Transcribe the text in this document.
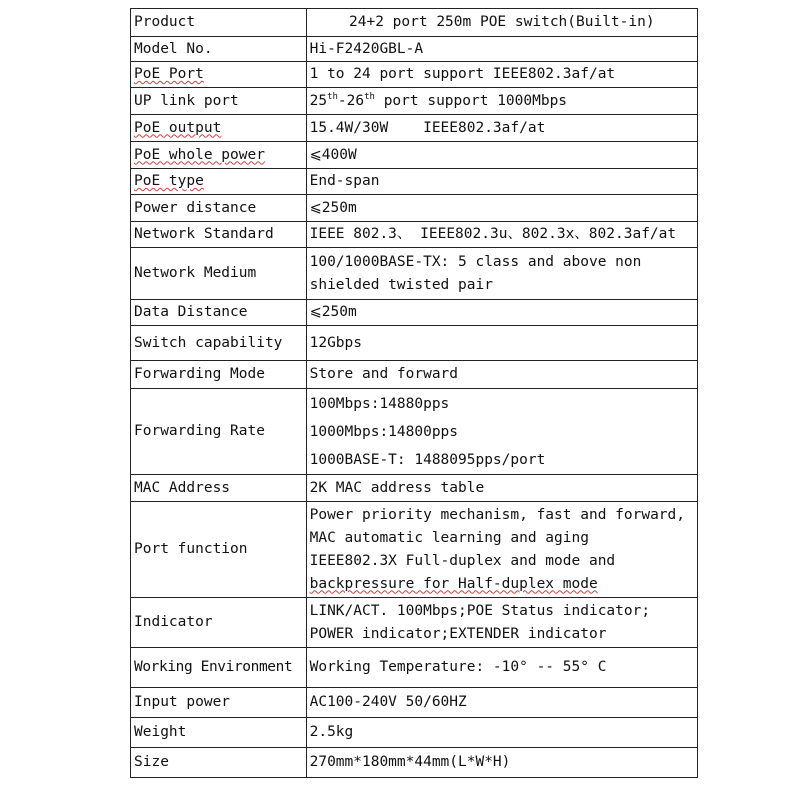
Product	24+2 port 250m POE switch(Built-in)

Model No.	Hi-F2420GBL-A

PoE Port	1 to 24 port support IEEE802.3af/at

UP link port	25th-26th port support 1000Mbps

PoE output	15.4W/30W    IEEE802.3af/at

PoE whole power	⩽400W

PoE type	End-span

Power distance	⩽250m

Network Standard	IEEE 802.3、 IEEE802.3u、802.3x、802.3af/at

Network Medium	100/1000BASE-TX: 5 class and above non
shielded twisted pair

Data Distance	⩽250m

Switch capability	12Gbps

Forwarding Mode	Store and forward

Forwarding Rate	100Mbps:14880pps
1000Mbps:14800pps
1000BASE-T: 1488095pps/port

MAC Address	2K MAC address table

Port function	Power priority mechanism, fast and forward,
MAC automatic learning and aging
IEEE802.3X Full-duplex and mode and
backpressure for Half-duplex mode

Indicator	LINK/ACT. 100Mbps;POE Status indicator;
POWER indicator;EXTENDER indicator

Working Environment	Working Temperature: -10° -- 55° C

Input power	AC100-240V 50/60HZ

Weight	2.5kg

Size	270mm*180mm*44mm(L*W*H)
